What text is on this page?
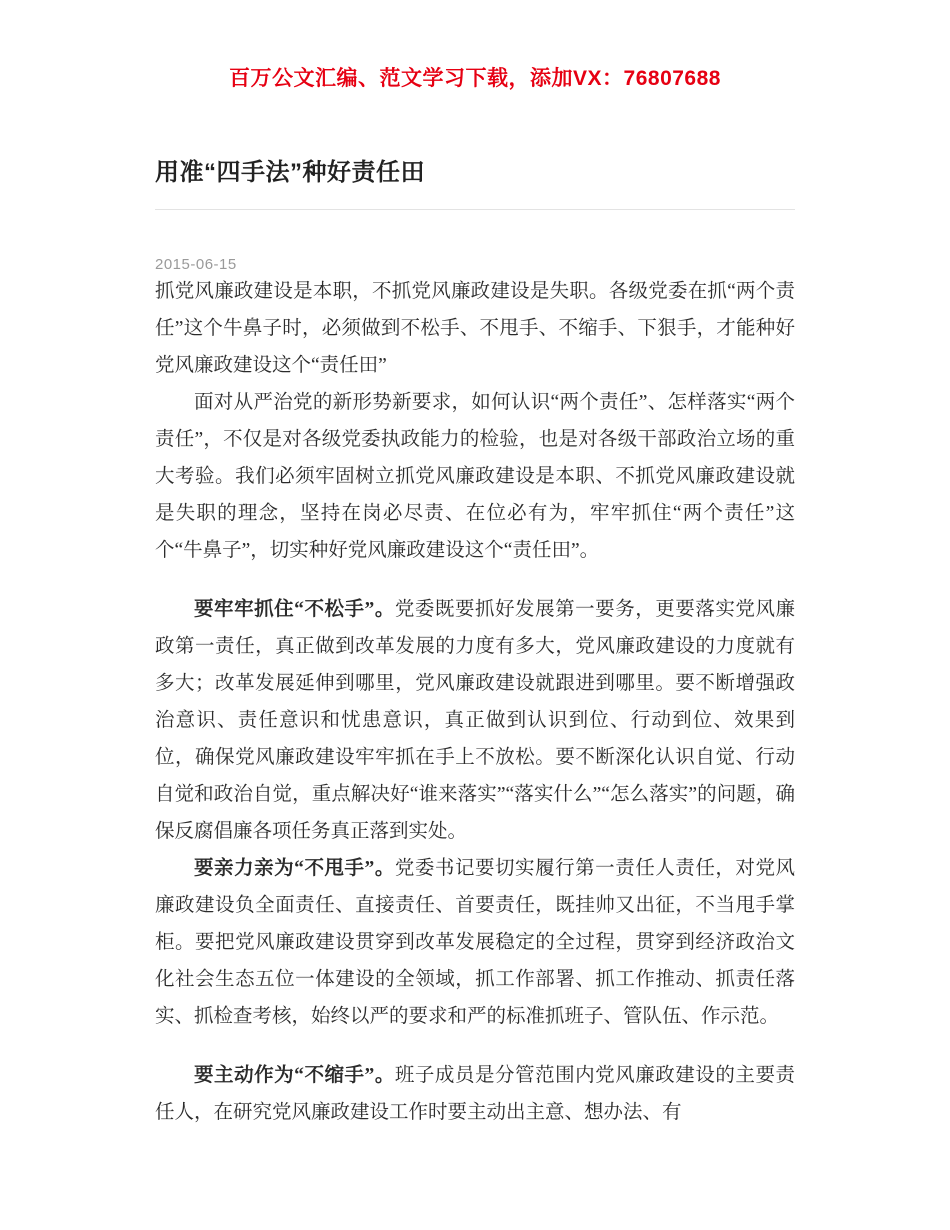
百万公文汇编、范文学习下载，添加VX：76807688
用准“四手法”种好责任田
2015-06-15

抓党风廉政建设是本职，不抓党风廉政建设是失职。各级党委在抓“两个责任”这个牛鼻子时，必须做到不松手、不甩手、不缩手、下狠手，才能种好党风廉政建设这个“责任田”

面对从严治党的新形势新要求，如何认识“两个责任”、怎样落实“两个责任”，不仅是对各级党委执政能力的检验，也是对各级干部政治立场的重大考验。我们必须牢固树立抓党风廉政建设是本职、不抓党风廉政建设就是失职的理念，坚持在岗必尽责、在位必有为，牢牢抓住“两个责任”这个“牛鼻子”，切实种好党风廉政建设这个“责任田”。

要牢牢抓住“不松手”。党委既要抓好发展第一要务，更要落实党风廉政第一责任，真正做到改革发展的力度有多大，党风廉政建设的力度就有多大；改革发展延伸到哪里，党风廉政建设就跟进到哪里。要不断增强政治意识、责任意识和忧患意识，真正做到认识到位、行动到位、效果到位，确保党风廉政建设牢牢抓在手上不放松。要不断深化认识自觉、行动自觉和政治自觉，重点解决好“谁来落实”“落实什么”“怎么落实”的问题，确保反腐倡廉各项任务真正落到实处。

要亲力亲为“不甩手”。党委书记要切实履行第一责任人责任，对党风廉政建设负全面责任、直接责任、首要责任，既挂帅又出征，不当甩手掌柜。要把党风廉政建设贯穿到改革发展稳定的全过程，贯穿到经济政治文化社会生态五位一体建设的全领域，抓工作部署、抓工作推动、抓责任落实、抓检查考核，始终以严的要求和严的标准抓班子、管队伍、作示范。

要主动作为“不缩手”。班子成员是分管范围内党风廉政建设的主要责任人，在研究党风廉政建设工作时要主动出主意、想办法、有
